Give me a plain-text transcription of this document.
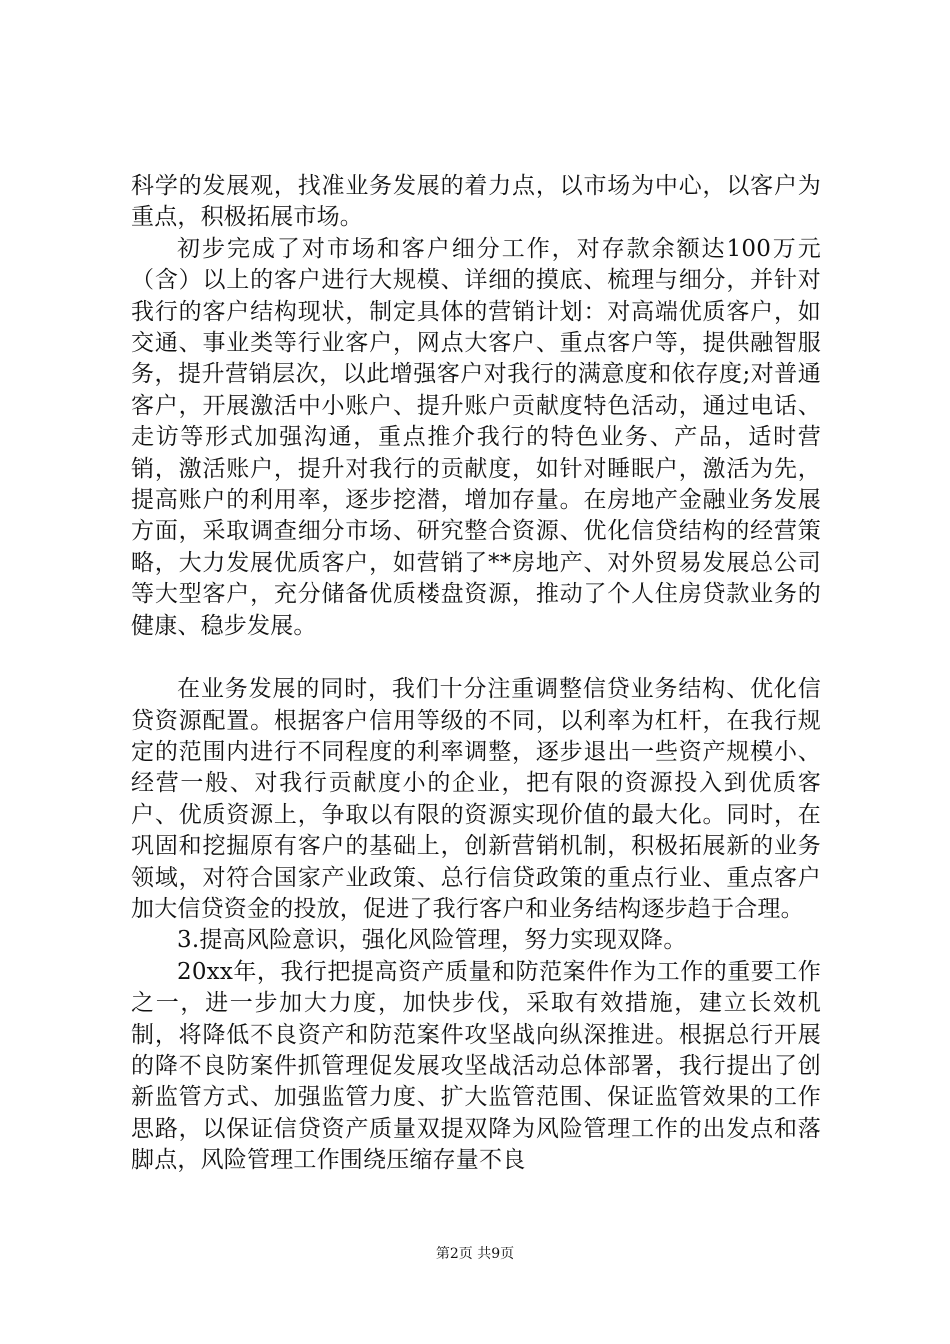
科学的发展观，找准业务发展的着力点，以市场为中心，以客户为重点，积极拓展市场。

初步完成了对市场和客户细分工作，对存款余额达100万元（含）以上的客户进行大规模、详细的摸底、梳理与细分，并针对我行的客户结构现状，制定具体的营销计划：对高端优质客户，如交通、事业类等行业客户，网点大客户、重点客户等，提供融智服务，提升营销层次，以此增强客户对我行的满意度和依存度;对普通客户，开展激活中小账户、提升账户贡献度特色活动，通过电话、走访等形式加强沟通，重点推介我行的特色业务、产品，适时营销，激活账户，提升对我行的贡献度，如针对睡眠户，激活为先，提高账户的利用率，逐步挖潜，增加存量。在房地产金融业务发展方面，采取调查细分市场、研究整合资源、优化信贷结构的经营策略，大力发展优质客户，如营销了**房地产、对外贸易发展总公司等大型客户，充分储备优质楼盘资源，推动了个人住房贷款业务的健康、稳步发展。

在业务发展的同时，我们十分注重调整信贷业务结构、优化信贷资源配置。根据客户信用等级的不同，以利率为杠杆，在我行规定的范围内进行不同程度的利率调整，逐步退出一些资产规模小、经营一般、对我行贡献度小的企业，把有限的资源投入到优质客户、优质资源上，争取以有限的资源实现价值的最大化。同时，在巩固和挖掘原有客户的基础上，创新营销机制，积极拓展新的业务领域，对符合国家产业政策、总行信贷政策的重点行业、重点客户加大信贷资金的投放，促进了我行客户和业务结构逐步趋于合理。

3.提高风险意识，强化风险管理，努力实现双降。

20xx年，我行把提高资产质量和防范案件作为工作的重要工作之一，进一步加大力度，加快步伐，采取有效措施，建立长效机制，将降低不良资产和防范案件攻坚战向纵深推进。根据总行开展的降不良防案件抓管理促发展攻坚战活动总体部署，我行提出了创新监管方式、加强监管力度、扩大监管范围、保证监管效果的工作思路，以保证信贷资产质量双提双降为风险管理工作的出发点和落脚点，风险管理工作围绕压缩存量不良

第2页 共9页
